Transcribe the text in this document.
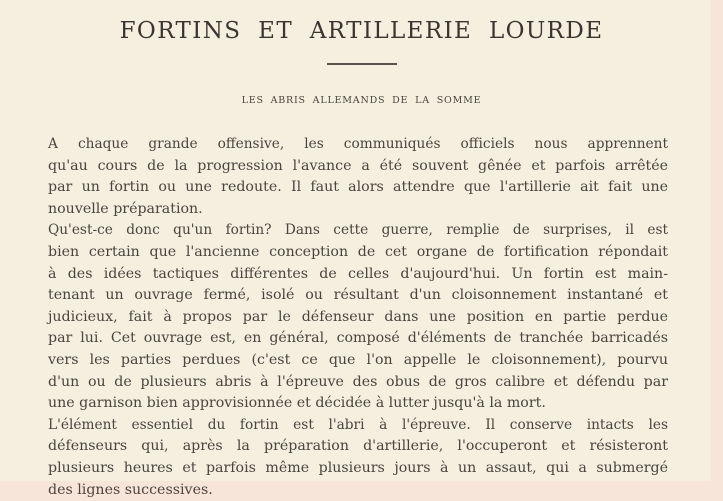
FORTINS ET ARTILLERIE LOURDE
LES ABRIS ALLEMANDS DE LA SOMME

A chaque grande offensive, les communiqués officiels nous apprennent
qu'au cours de la progression l'avance a été souvent gênée et parfois arrêtée
par un fortin ou une redoute. Il faut alors attendre que l'artillerie ait fait une
nouvelle préparation.

Qu'est-ce donc qu'un fortin? Dans cette guerre, remplie de surprises, il est
bien certain que l'ancienne conception de cet organe de fortification répondait
à des idées tactiques différentes de celles d'aujourd'hui. Un fortin est main-
tenant un ouvrage fermé, isolé ou résultant d'un cloisonnement instantané et
judicieux, fait à propos par le défenseur dans une position en partie perdue
par lui. Cet ouvrage est, en général, composé d'éléments de tranchée barricadés
vers les parties perdues (c'est ce que l'on appelle le cloisonnement), pourvu
d'un ou de plusieurs abris à l'épreuve des obus de gros calibre et défendu par
une garnison bien approvisionnée et décidée à lutter jusqu'à la mort.

L'élément essentiel du fortin est l'abri à l'épreuve. Il conserve intacts les
défenseurs qui, après la préparation d'artillerie, l'occuperont et résisteront
plusieurs heures et parfois même plusieurs jours à un assaut, qui a submergé
des lignes successives.
